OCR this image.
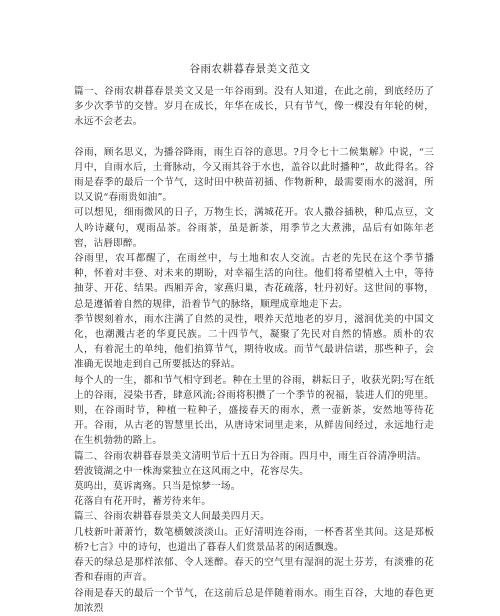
谷雨农耕暮春景美文范文

篇一、谷雨农耕暮春景美文又是一年谷雨到。没有人知道，在此之前，到底经历了多少次季节的交替。岁月在成长，年华在成长，只有节气，像一棵没有年轮的树，永远不会老去。

谷雨，顾名思义，为播谷降雨，雨生百谷的意思。?月令七十二候集解》中说，“三月中，自雨水后，土膏脉动，今又雨其谷于水也，盖谷以此时播种”，故此得名。谷雨是春季的最后一个节气，这时田中秧苗初插、作物新种，最需要雨水的滋润，所以又说“春雨贵如油”。

可以想见，细雨微风的日子，万物生长，满城花开。农人撒谷插秧，种瓜点豆，文人吟诗藏句，观雨品茶。谷雨茶，虽是新茶，用季节之大煮沸，品后有如陈年老窖，沾唇即醉。

谷雨里，农耳都醒了，在雨丝中，与土地和农人交流。古老的先民在这个季节播种，怀着对丰登、对未来的期盼，对幸福生活的向往。他们将希望植入土中，等待抽芽、开花、结果。西厢弄舍，家燕归巢，杏花疏落，牡丹初好。这世间的事物，总是遵循着自然的规律，沿着节气的脉络，顺理成章地走下去。

季节锲刻着水，雨水注满了自然的灵性，喂养天范地老的岁月，滋润优美的中国文化，也潮溅古老的华夏民族。二十四节气，凝聚了先民对自然的情感。质朴的农人，有着泥土的单纯，他们掐算节气，期待收成。而节气最讲信诺，那些种子，会准确无误地走到自己所要抵达的驿站。

每个人的一生，都和节气相守到老。种在土里的谷雨，耕耘日子，收获光阴;写在纸上的谷雨，浸染书香，肆意风流;谷雨将积攒了一个季节的祝福，装进人们的兜里。则，在谷雨时节，种植一粒种子，盛接春天的雨水，煮一壶新茶，安然地等待花开。谷雨，从古老的智慧里长出，从唐诗宋词里走来，从鲜齿间经过，永远地行走在生机勃勃的路上。

篇二、谷雨农耕暮春景美文清明节后十五日为谷雨。四月中，雨生百谷清净明洁。

碧波镜湖之中一株海棠独立在这风雨之中，花容尽失。

莫呜出，莫诉离殇。只当是惊梦一场。

花落自有花开时，蓄芳待来年。

篇三、谷雨农耕暮春景美文人间最美四月天。

几枝新叶萧萧竹，数笔横皴淡淡山。正好清明连谷雨，一杯香茗坐其间。这是郑板桥?七言》中的诗句，也道出了暮春人们赏景品茗的闲适飘逸。

春天的绿总是那样浓郁、令人迷醉。春天的空气里有湿润的泥土芬芳，有淡雅的花香和春雨的声音。

谷雨是春天的最后一个节气，在这前后总是伴随着雨水。雨生百谷，大地的春色更加浓烈
